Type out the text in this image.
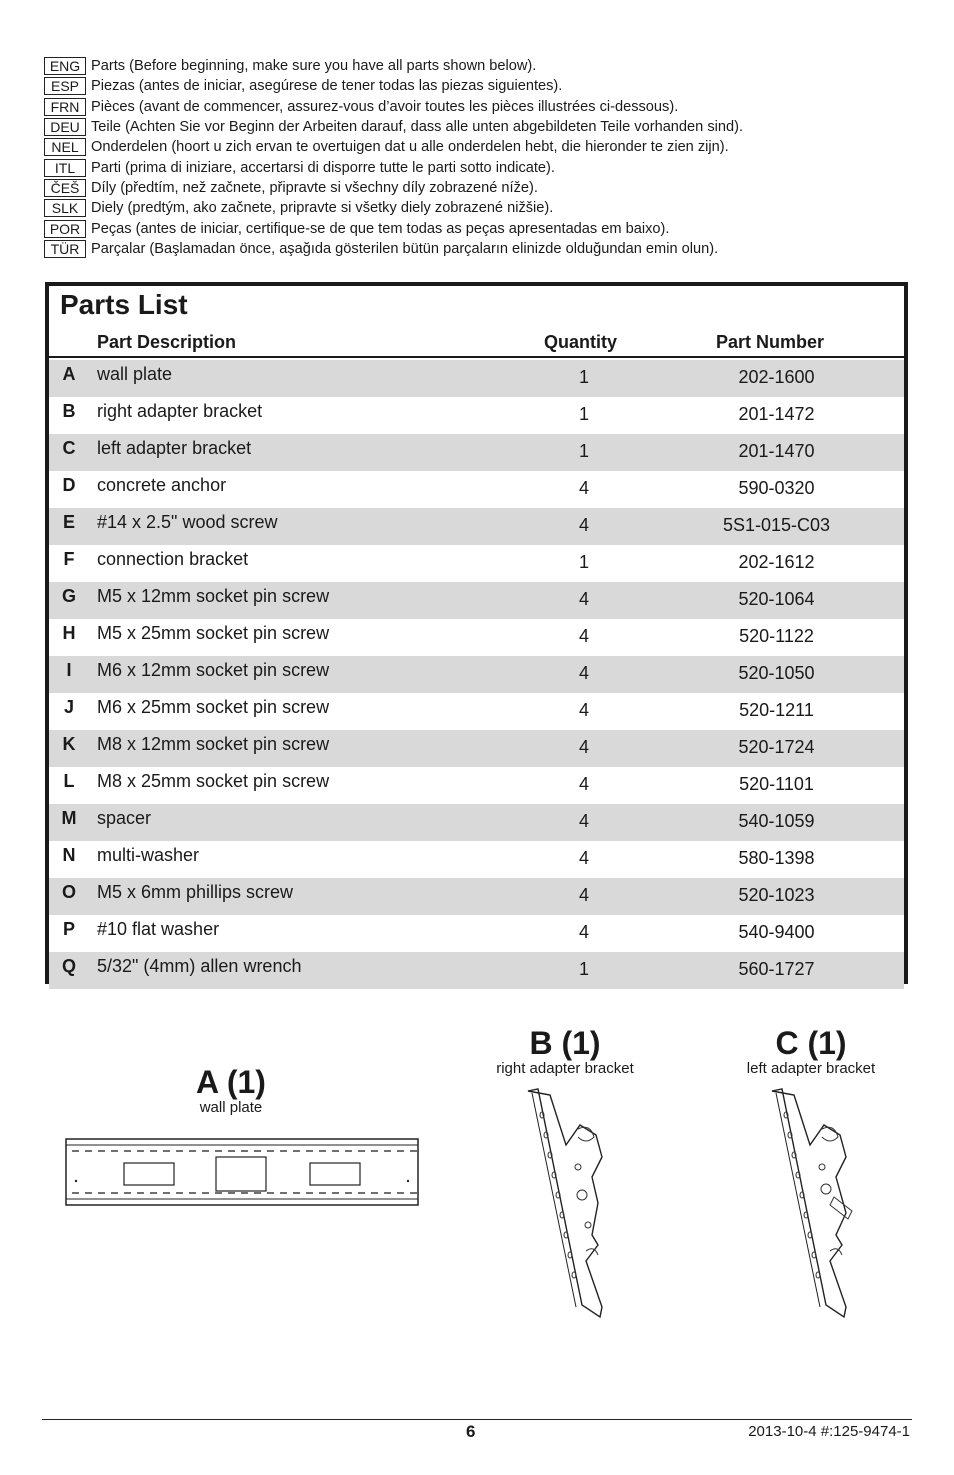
ENG Parts (Before beginning, make sure you have all parts shown below).
ESP Piezas (antes de iniciar, asegúrese de tener todas las piezas siguientes).
FRN Pièces (avant de commencer, assurez-vous d’avoir toutes les pièces illustrées ci-dessous).
DEU Teile (Achten Sie vor Beginn der Arbeiten darauf, dass alle unten abgebildeten Teile vorhanden sind).
NEL Onderdelen (hoort u zich ervan te overtuigen dat u alle onderdelen hebt, die hieronder te zien zijn).
ITL	Parti (prima di iniziare, accertarsi di disporre tutte le parti sotto indicate).
ČEŠ Díly (předtím, než začnete, připravte si všechny díly zobrazené níže).
SLK Diely (predtým, ako začnete, pripravte si všetky diely zobrazené nižšie).
POR Peças (antes de iniciar, certifique-se de que tem todas as peças apresentadas em baixo).
TÜR Parçalar (Başlamadan önce, aşağıda gösterilen bütün parçaların elinizde olduğundan emin olun).
Parts List
Part Description	Quantity	Part Number
A	wall plate	1	202-1600
B	right adapter bracket	1	201-1472
C	left adapter bracket	1	201-1470
D	concrete anchor	4	590-0320
E	#14 x 2.5" wood screw	4	5S1-015-C03
F	connection bracket	1	202-1612
G	M5 x 12mm socket pin screw	4	520-1064
H	M5 x 25mm socket pin screw	4	520-1122
I	M6 x 12mm socket pin screw	4	520-1050
J	M6 x 25mm socket pin screw	4	520-1211
K	M8 x 12mm socket pin screw	4	520-1724
L	M8 x 25mm socket pin screw	4	520-1101
M	spacer	4	540-1059
N	multi-washer	4	580-1398
O	M5 x 6mm phillips screw	4	520-1023
P	#10 flat washer	4	540-9400
Q	5/32" (4mm) allen wrench	1	560-1727
A (1)
wall plate
B (1)
right adapter bracket
C (1)
left adapter bracket
6	2013-10-4 #:125-9474-1
